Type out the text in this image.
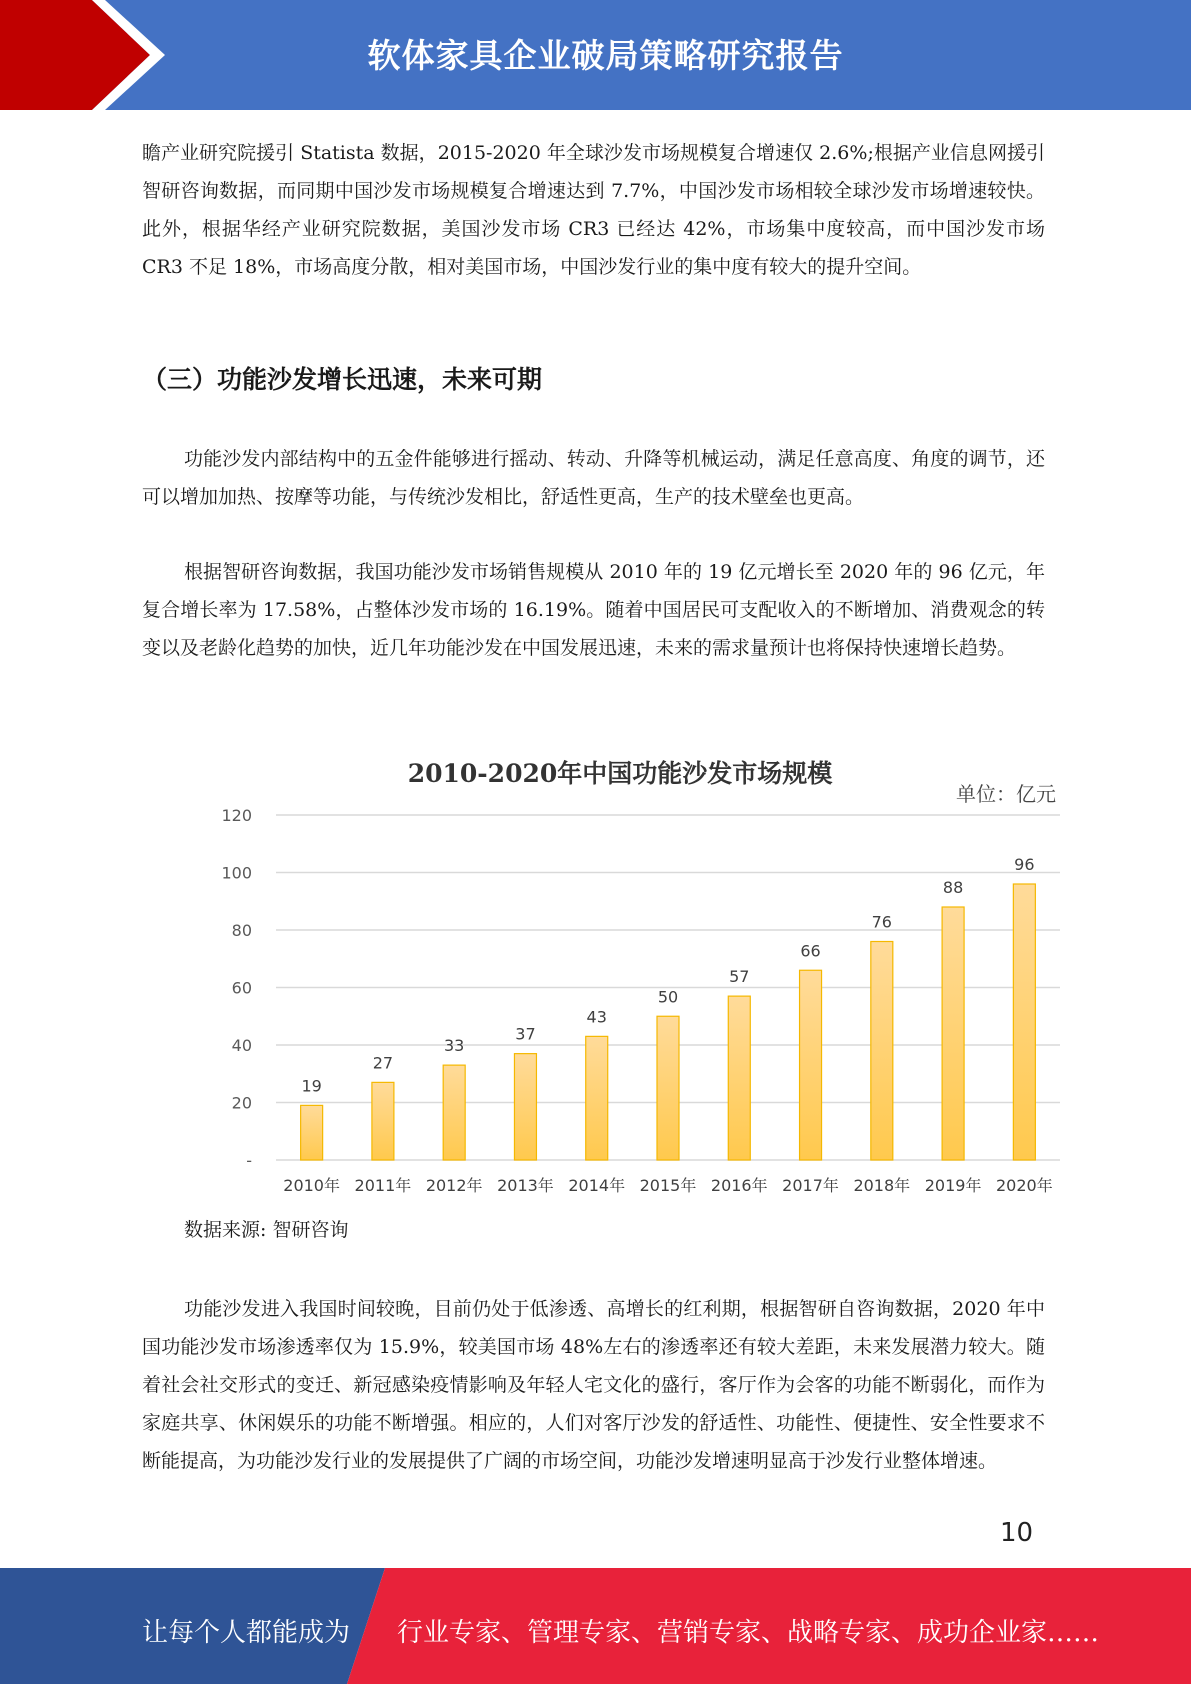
软体家具企业破局策略研究报告

瞻产业研究院援引 Statista 数据，2015-2020 年全球沙发市场规模复合增速仅 2.6%;根据产业信息网援引智研咨询数据，而同期中国沙发市场规模复合增速达到 7.7%，中国沙发市场相较全球沙发市场增速较快。此外，根据华经产业研究院数据，美国沙发市场 CR3 已经达 42%，市场集中度较高，而中国沙发市场 CR3 不足 18%，市场高度分散，相对美国市场，中国沙发行业的集中度有较大的提升空间。

（三）功能沙发增长迅速，未来可期

功能沙发内部结构中的五金件能够进行摇动、转动、升降等机械运动，满足任意高度、角度的调节，还可以增加加热、按摩等功能，与传统沙发相比，舒适性更高，生产的技术壁垒也更高。

根据智研咨询数据，我国功能沙发市场销售规模从 2010 年的 19 亿元增长至 2020 年的 96 亿元，年复合增长率为 17.58%，占整体沙发市场的 16.19%。随着中国居民可支配收入的不断增加、消费观念的转变以及老龄化趋势的加快，近几年功能沙发在中国发展迅速，未来的需求量预计也将保持快速增长趋势。

-
20
40
60
80
100
120
19
2010年
27
2011年
33
2012年
37
2013年
43
2014年
50
2015年
57
2016年
66
2017年
76
2018年
88
2019年
96
2020年
2010-2020年中国功能沙发市场规模
单位：亿元

数据来源: 智研咨询

功能沙发进入我国时间较晚，目前仍处于低渗透、高增长的红利期，根据智研自咨询数据，2020 年中国功能沙发市场渗透率仅为 15.9%，较美国市场 48%左右的渗透率还有较大差距，未来发展潜力较大。随着社会社交形式的变迁、新冠感染疫情影响及年轻人宅文化的盛行，客厅作为会客的功能不断弱化，而作为家庭共享、休闲娱乐的功能不断增强。相应的，人们对客厅沙发的舒适性、功能性、便捷性、安全性要求不断能提高，为功能沙发行业的发展提供了广阔的市场空间，功能沙发增速明显高于沙发行业整体增速。

10
让每个人都能成为 行业专家、管理专家、营销专家、战略专家、成功企业家……
